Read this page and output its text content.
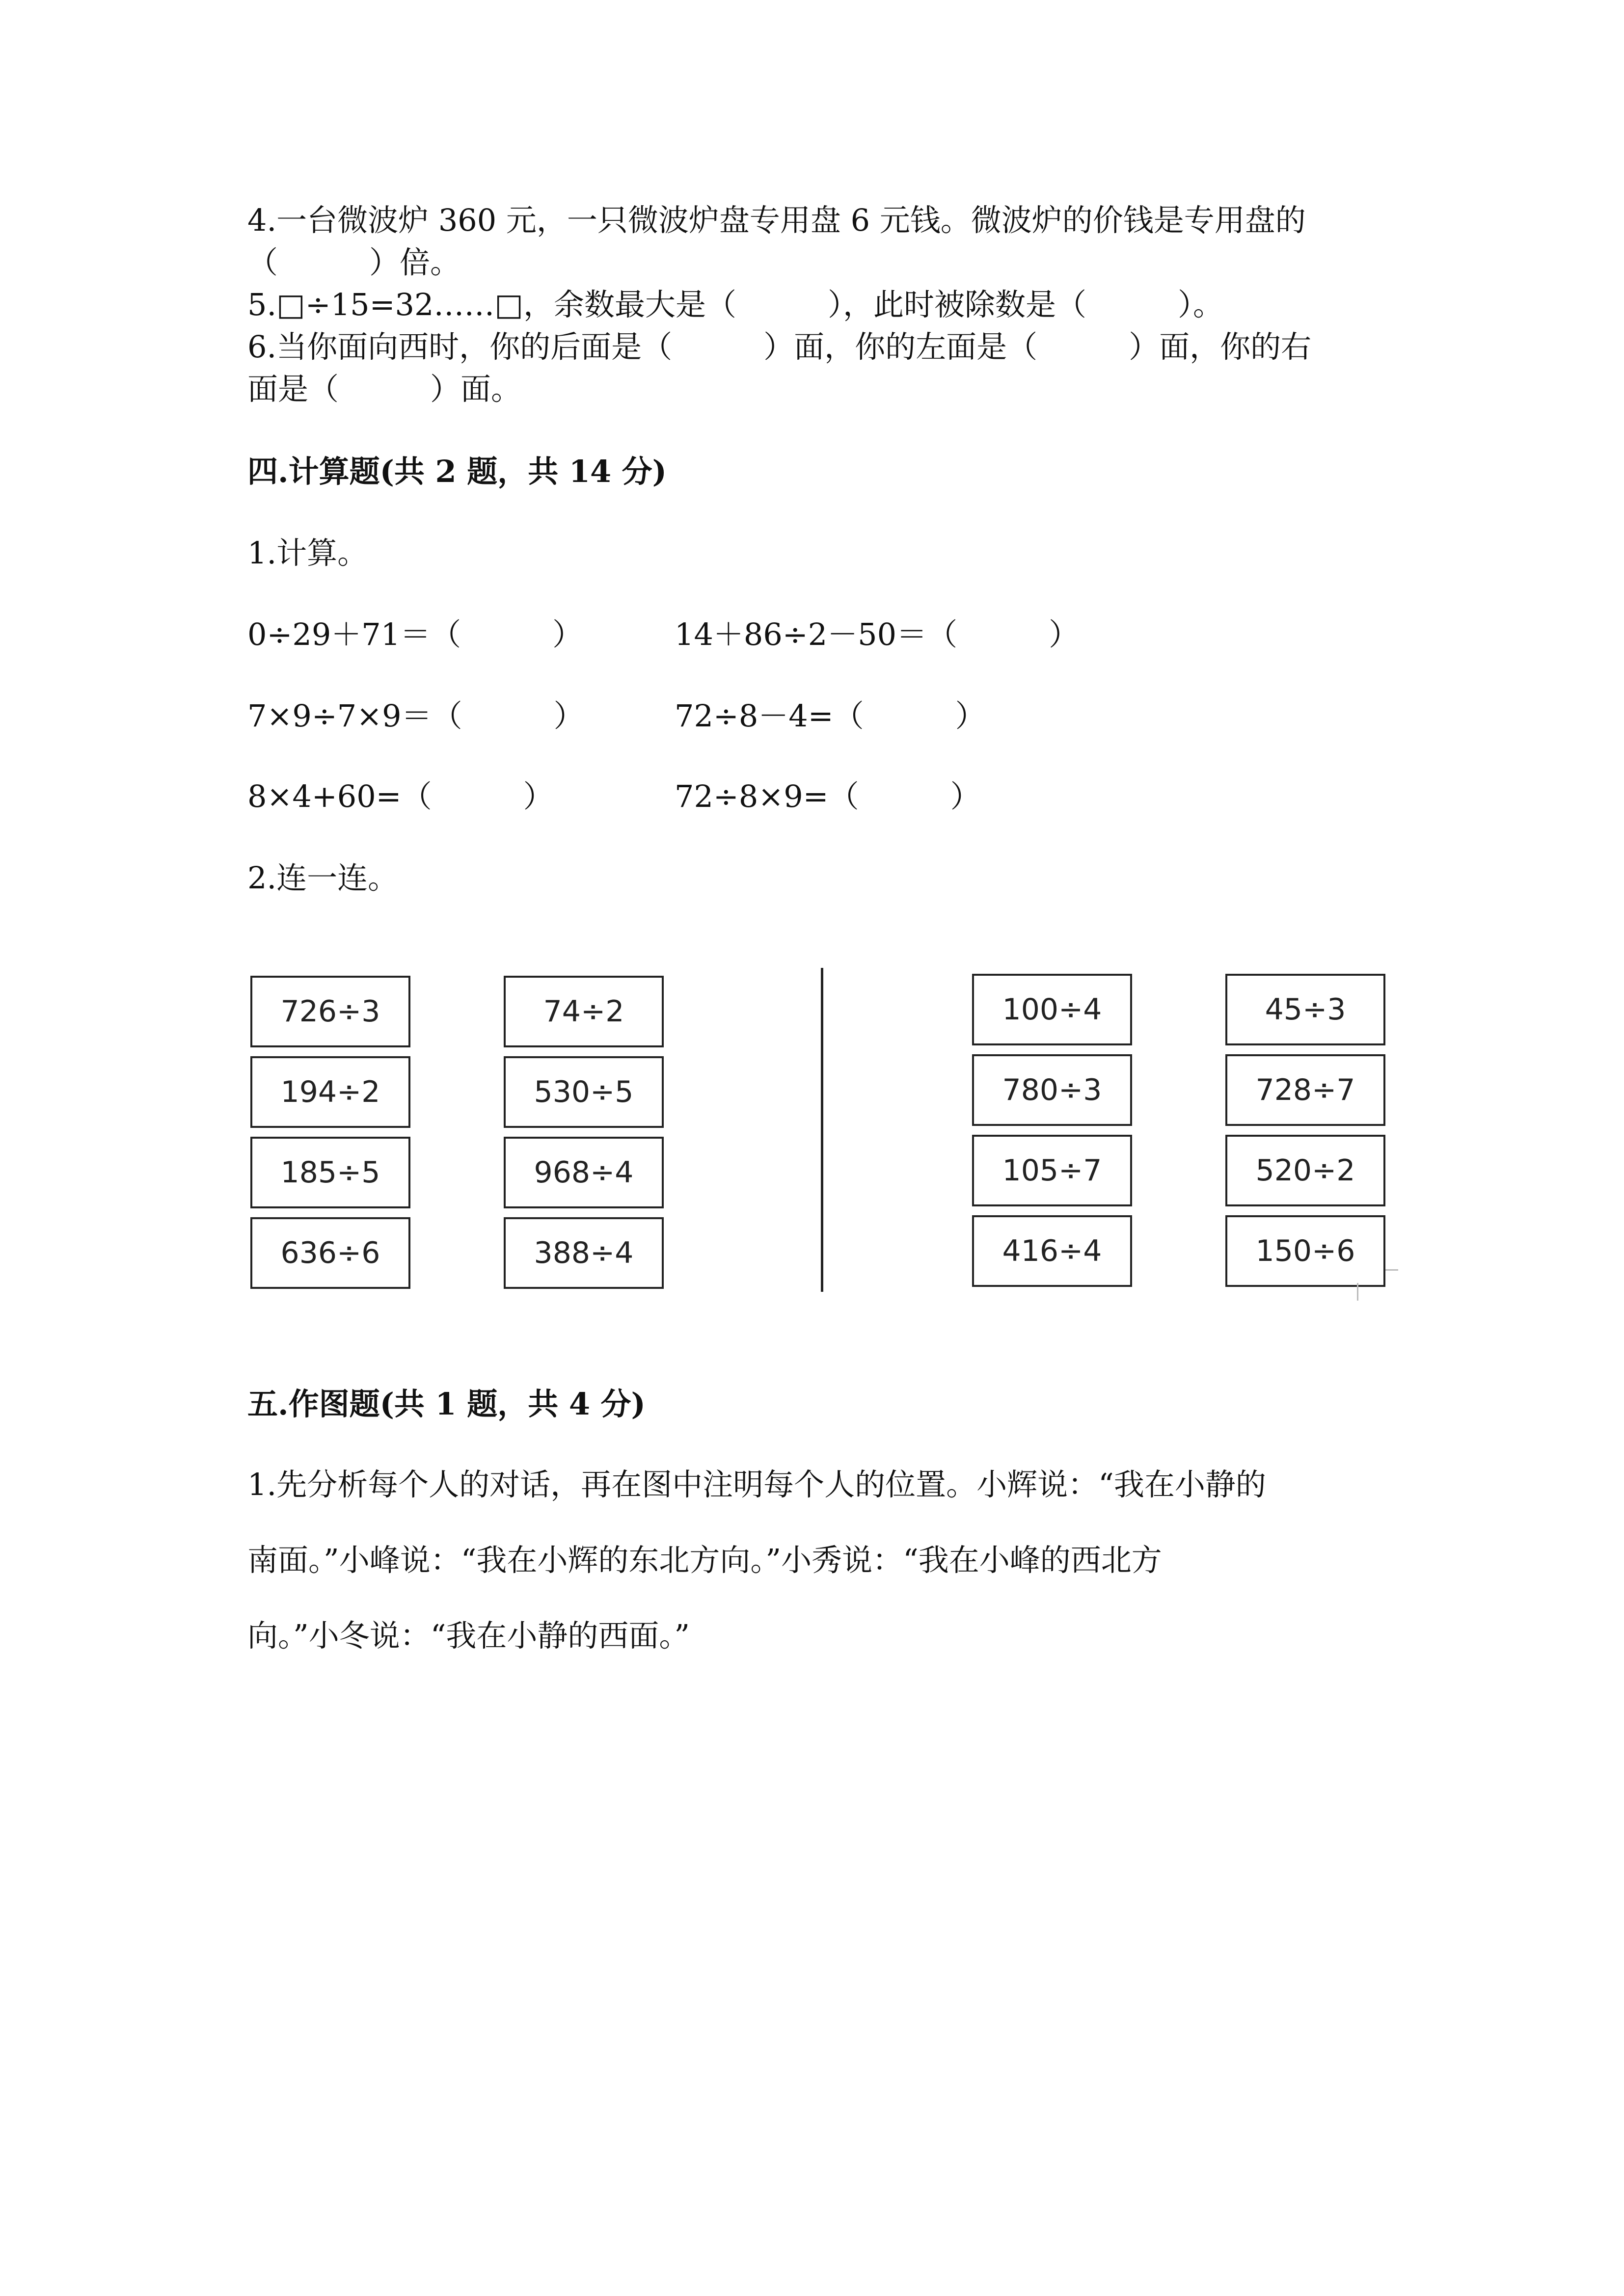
4.一台微波炉 360 元，一只微波炉盘专用盘 6 元钱。微波炉的价钱是专用盘的
（　　　）倍。
5.□÷15=32……□，余数最大是（　　　），此时被除数是（　　　）。
6.当你面向西时，你的后面是（　　　）面，你的左面是（　　　）面，你的右
面是（　　　）面。
四.计算题(共 2 题，共 14 分)
1.计算。
0÷29＋71＝（　　　）	14＋86÷2－50＝（　　　）
7×9÷7×9＝（　　　）	72÷8－4=（　　　）
8×4+60=（　　　）	72÷8×9=（　　　）
2.连一连。
726÷3
194÷2
185÷5
636÷6
74÷2
530÷5
968÷4
388÷4
100÷4
780÷3
105÷7
416÷4
45÷3
728÷7
520÷2
150÷6
五.作图题(共 1 题，共 4 分)
1.先分析每个人的对话，再在图中注明每个人的位置。小辉说：“我在小静的
南面。”小峰说：“我在小辉的东北方向。”小秀说：“我在小峰的西北方
向。”小冬说：“我在小静的西面。”
